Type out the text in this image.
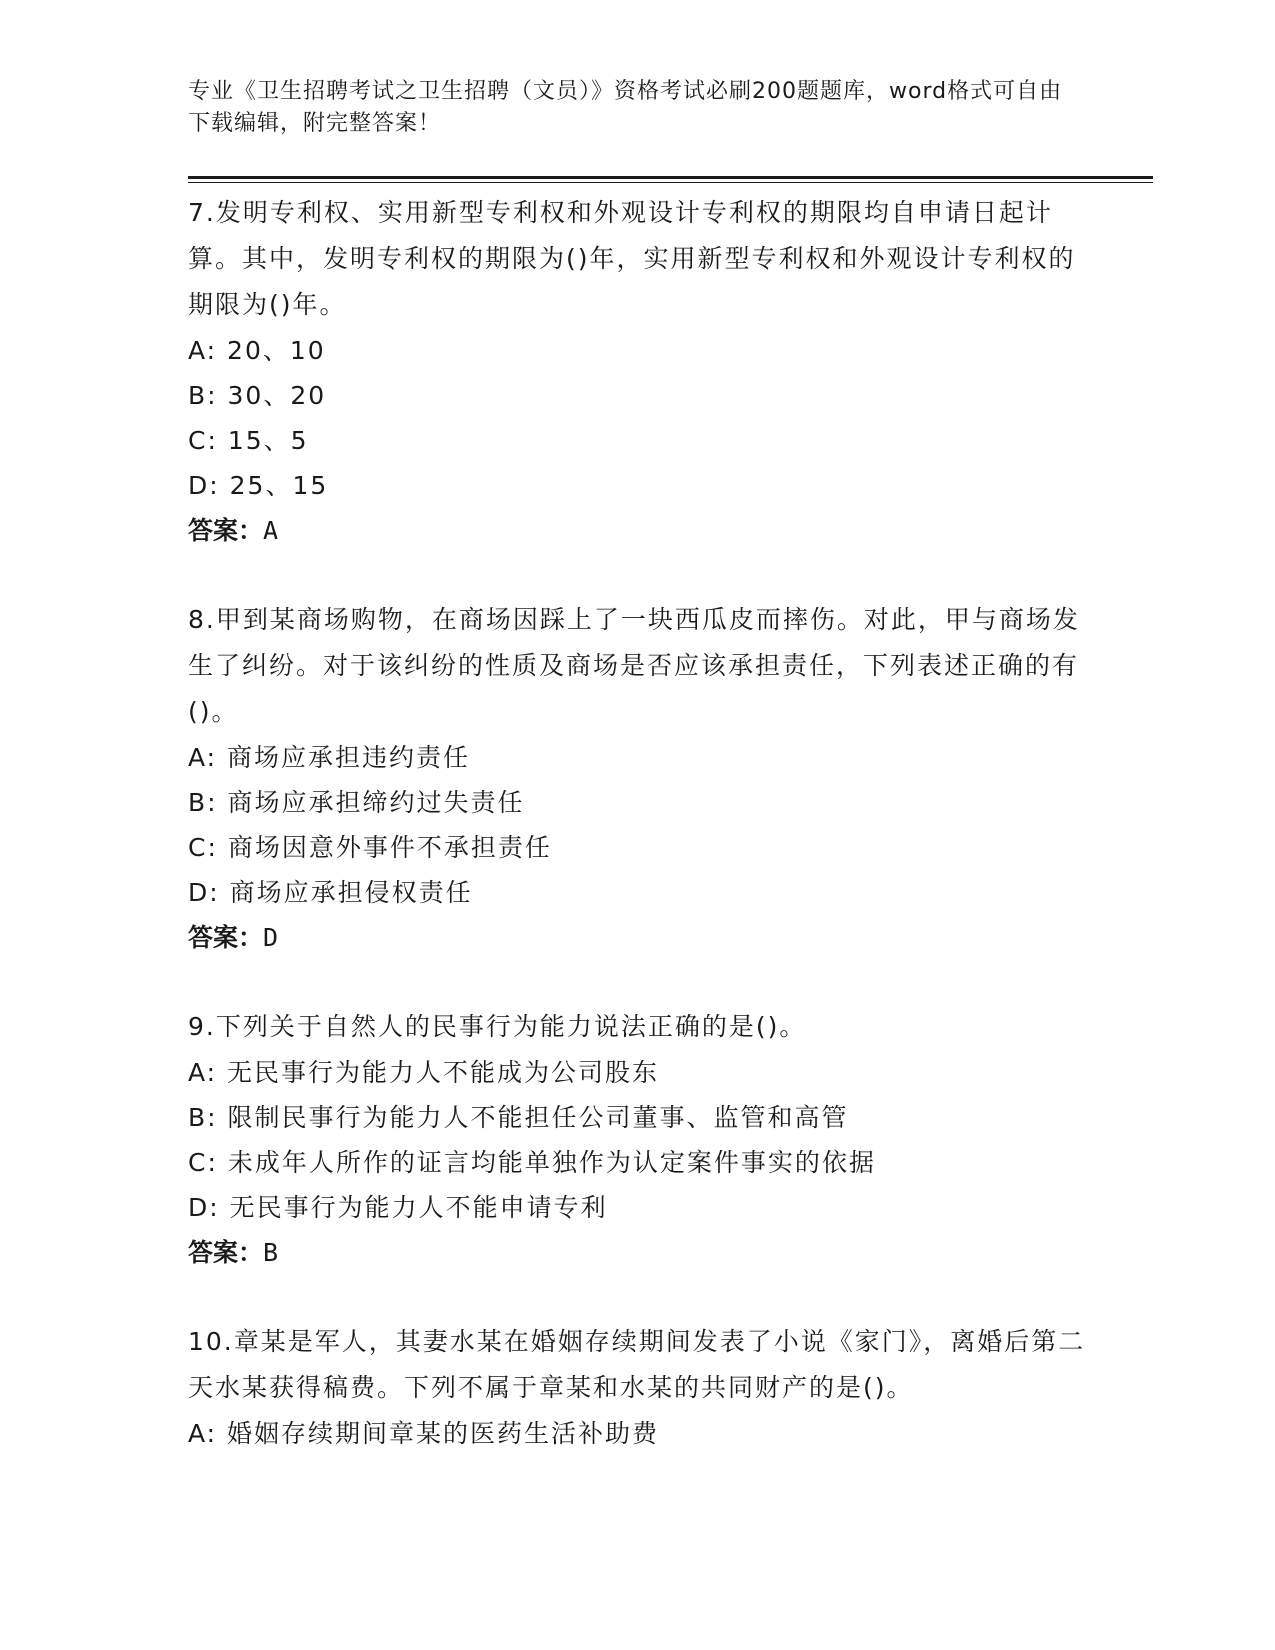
专业《卫生招聘考试之卫生招聘（文员）》资格考试必刷200题题库，word格式可自由下载编辑，附完整答案！

7.发明专利权、实用新型专利权和外观设计专利权的期限均自申请日起计算。其中，发明专利权的期限为()年，实用新型专利权和外观设计专利权的期限为()年。

A: 20、10

B: 30、20

C: 15、5

D: 25、15

答案：A

8.甲到某商场购物，在商场因踩上了一块西瓜皮而摔伤。对此，甲与商场发生了纠纷。对于该纠纷的性质及商场是否应该承担责任，下列表述正确的有()。

A: 商场应承担违约责任

B: 商场应承担缔约过失责任

C: 商场因意外事件不承担责任

D: 商场应承担侵权责任

答案：D

9.下列关于自然人的民事行为能力说法正确的是()。

A: 无民事行为能力人不能成为公司股东

B: 限制民事行为能力人不能担任公司董事、监管和高管

C: 未成年人所作的证言均能单独作为认定案件事实的依据

D: 无民事行为能力人不能申请专利

答案：B

10.章某是军人，其妻水某在婚姻存续期间发表了小说《家门》，离婚后第二天水某获得稿费。下列不属于章某和水某的共同财产的是()。

A: 婚姻存续期间章某的医药生活补助费
